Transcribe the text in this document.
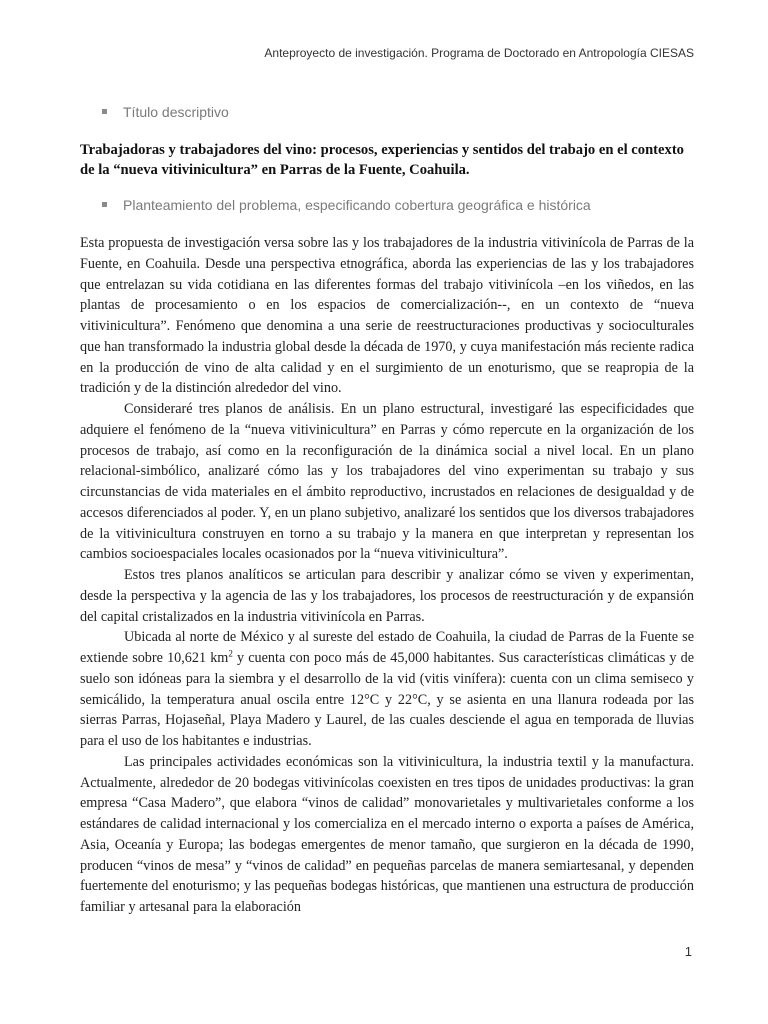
Anteproyecto de investigación. Programa de Doctorado en Antropología CIESAS
Título descriptivo
Trabajadoras y trabajadores del vino: procesos, experiencias y sentidos del trabajo en el contexto de la “nueva vitivinicultura” en Parras de la Fuente, Coahuila.
Planteamiento del problema, especificando cobertura geográfica e histórica

Esta propuesta de investigación versa sobre las y los trabajadores de la industria vitivinícola de Parras de la Fuente, en Coahuila. Desde una perspectiva etnográfica, aborda las experiencias de las y los trabajadores que entrelazan su vida cotidiana en las diferentes formas del trabajo vitivinícola –en los viñedos, en las plantas de procesamiento o en los espacios de comercialización--, en un contexto de “nueva vitivinicultura”. Fenómeno que denomina a una serie de reestructuraciones productivas y socioculturales que han transformado la industria global desde la década de 1970, y cuya manifestación más reciente radica en la producción de vino de alta calidad y en el surgimiento de un enoturismo, que se reapropia de la tradición y de la distinción alrededor del vino.

Consideraré tres planos de análisis. En un plano estructural, investigaré las especificidades que adquiere el fenómeno de la “nueva vitivinicultura” en Parras y cómo repercute en la organización de los procesos de trabajo, así como en la reconfiguración de la dinámica social a nivel local. En un plano relacional-simbólico, analizaré cómo las y los trabajadores del vino experimentan su trabajo y sus circunstancias de vida materiales en el ámbito reproductivo, incrustados en relaciones de desigualdad y de accesos diferenciados al poder. Y, en un plano subjetivo, analizaré los sentidos que los diversos trabajadores de la vitivinicultura construyen en torno a su trabajo y la manera en que interpretan y representan los cambios socioespaciales locales ocasionados por la “nueva vitivinicultura”.

Estos tres planos analíticos se articulan para describir y analizar cómo se viven y experimentan, desde la perspectiva y la agencia de las y los trabajadores, los procesos de reestructuración y de expansión del capital cristalizados en la industria vitivinícola en Parras.

Ubicada al norte de México y al sureste del estado de Coahuila, la ciudad de Parras de la Fuente se extiende sobre 10,621 $km^2$ y cuenta con poco más de 45,000 habitantes. Sus características climáticas y de suelo son idóneas para la siembra y el desarrollo de la vid (vitis vinífera): cuenta con un clima semiseco y semicálido, la temperatura anual oscila entre 12°C y 22°C, y se asienta en una llanura rodeada por las sierras Parras, Hojaseñal, Playa Madero y Laurel, de las cuales desciende el agua en temporada de lluvias para el uso de los habitantes e industrias.

Las principales actividades económicas son la vitivinicultura, la industria textil y la manufactura. Actualmente, alrededor de 20 bodegas vitivinícolas coexisten en tres tipos de unidades productivas: la gran empresa “Casa Madero”, que elabora “vinos de calidad” monovarietales y multivarietales conforme a los estándares de calidad internacional y los comercializa en el mercado interno o exporta a países de América, Asia, Oceanía y Europa; las bodegas emergentes de menor tamaño, que surgieron en la década de 1990, producen “vinos de mesa” y “vinos de calidad” en pequeñas parcelas de manera semiartesanal, y dependen fuertemente del enoturismo; y las pequeñas bodegas históricas, que mantienen una estructura de producción familiar y artesanal para la elaboración

1
